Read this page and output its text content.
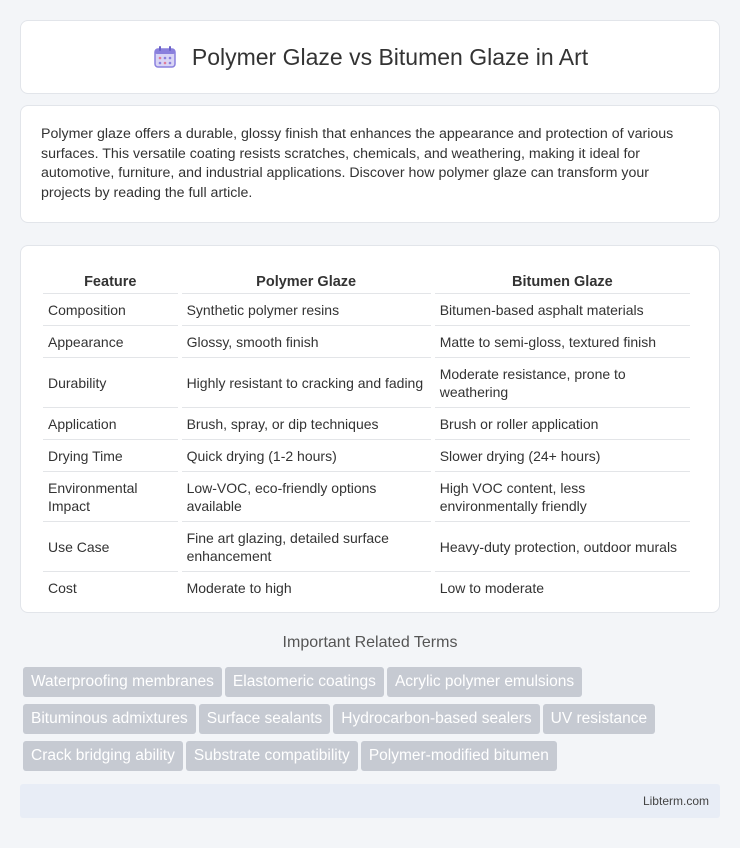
Polymer Glaze vs Bitumen Glaze in Art

Polymer glaze offers a durable, glossy finish that enhances the appearance and protection of various surfaces. This versatile coating resists scratches, chemicals, and weathering, making it ideal for automotive, furniture, and industrial applications. Discover how polymer glaze can transform your projects by reading the full article.

Feature	Polymer Glaze	Bitumen Glaze
Composition	Synthetic polymer resins	Bitumen-based asphalt materials
Appearance	Glossy, smooth finish	Matte to semi-gloss, textured finish
Durability	Highly resistant to cracking and fading	Moderate resistance, prone to weathering
Application	Brush, spray, or dip techniques	Brush or roller application
Drying Time	Quick drying (1-2 hours)	Slower drying (24+ hours)
Environmental Impact	Low-VOC, eco-friendly options available	High VOC content, less environmentally friendly
Use Case	Fine art glazing, detailed surface enhancement	Heavy-duty protection, outdoor murals
Cost	Moderate to high	Low to moderate
Important Related Terms
Waterproofing membranes Elastomeric coatings Acrylic polymer emulsions
Bituminous admixtures Surface sealants Hydrocarbon-based sealers UV resistance
Crack bridging ability Substrate compatibility Polymer-modified bitumen
Libterm.com
